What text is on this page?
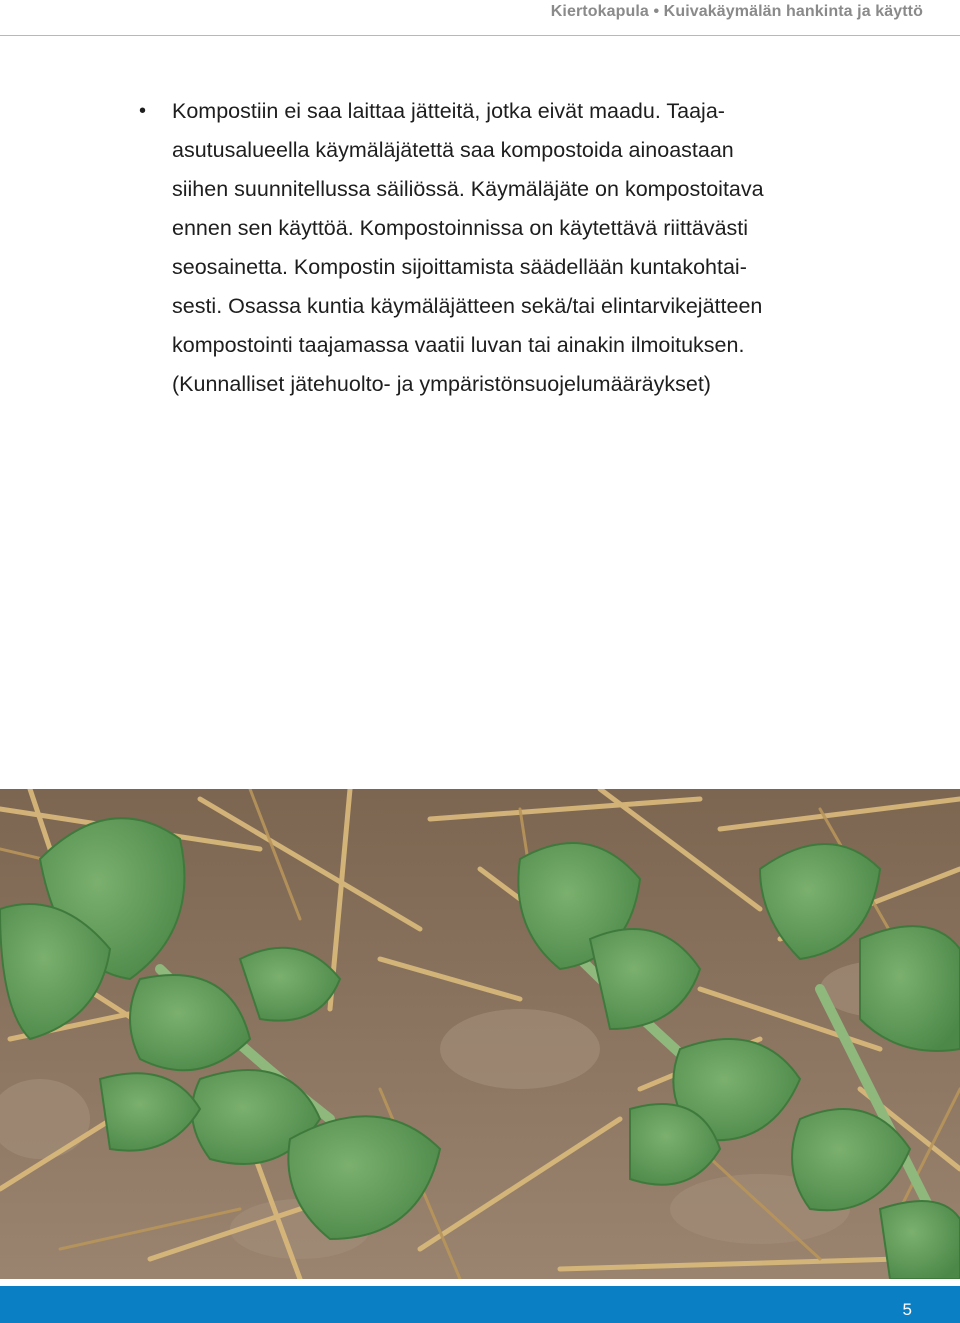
Kiertokapula • Kuivakäymälän hankinta ja käyttö
• Kompostiin ei saa laittaa jätteitä, jotka eivät maadu. Taaja-
asutusalueella käymäläjätettä saa kompostoida ainoastaan
siihen suunnitellussa säiliössä. Käymäläjäte on kompostoitava
ennen sen käyttöä. Kompostoinnissa on käytettävä riittävästi
seosainetta. Kompostin sijoittamista säädellään kuntakohtai-
sesti. Osassa kuntia käymäläjätteen sekä/tai elintarvikejätteen
kompostointi taajamassa vaatii luvan tai ainakin ilmoituksen.
(Kunnalliset jätehuolto- ja ympäristönsuojelumääräykset)
5
